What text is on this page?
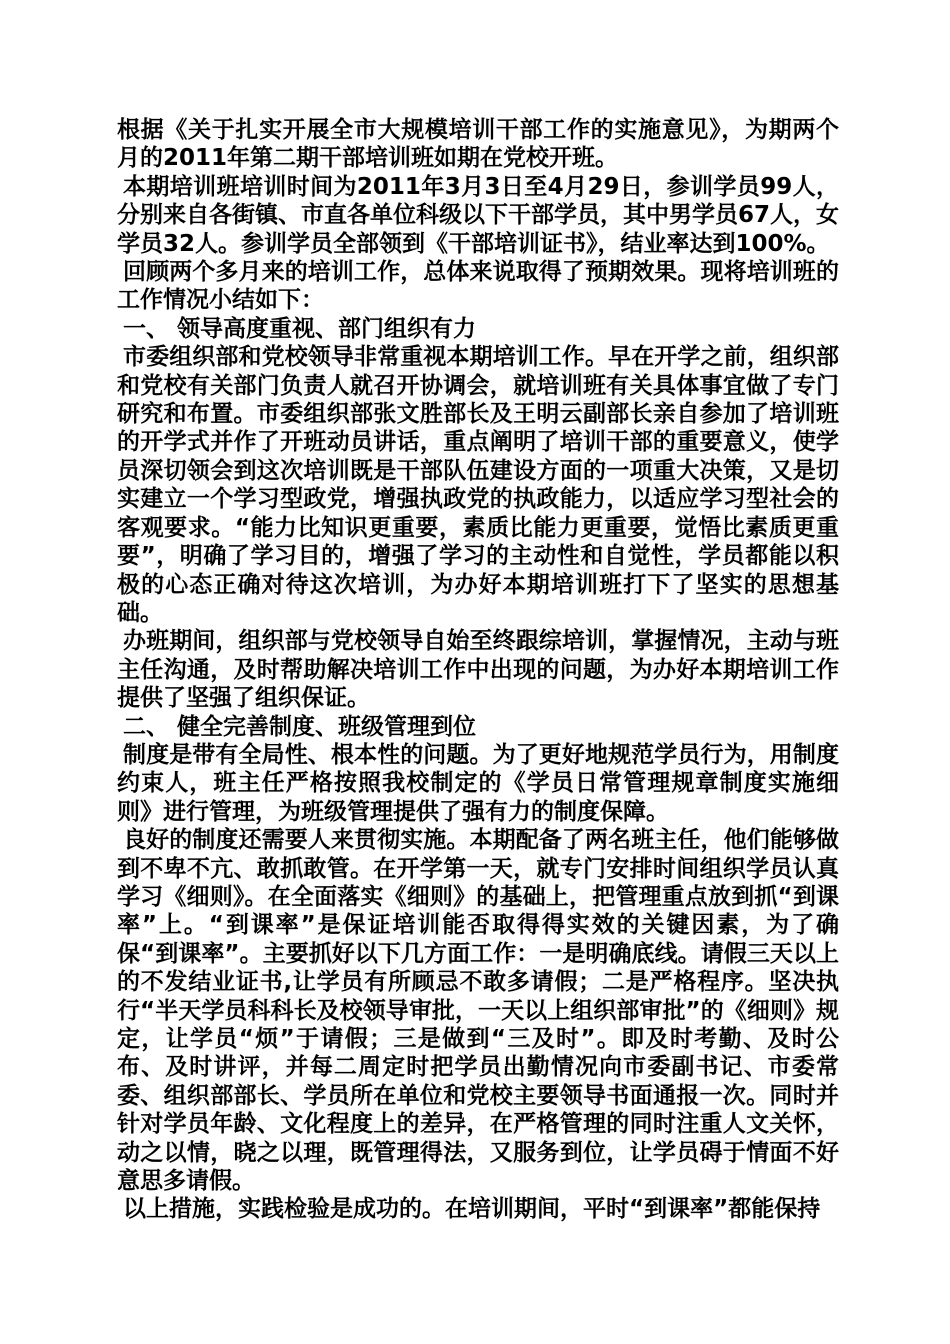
根据《关于扎实开展全市大规模培训干部工作的实施意见》，为期两个月的2011年第二期干部培训班如期在党校开班。

本期培训班培训时间为2011年3月3日至4月29日，参训学员99人，分别来自各街镇、市直各单位科级以下干部学员，其中男学员67人，女学员32人。参训学员全部领到《干部培训证书》，结业率达到100%。

回顾两个多月来的培训工作，总体来说取得了预期效果。现将培训班的工作情况小结如下：

一、 领导高度重视、部门组织有力

市委组织部和党校领导非常重视本期培训工作。早在开学之前，组织部和党校有关部门负责人就召开协调会，就培训班有关具体事宜做了专门研究和布置。市委组织部张文胜部长及王明云副部长亲自参加了培训班的开学式并作了开班动员讲话，重点阐明了培训干部的重要意义，使学员深切领会到这次培训既是干部队伍建设方面的一项重大决策，又是切实建立一个学习型政党，增强执政党的执政能力，以适应学习型社会的客观要求。“能力比知识更重要，素质比能力更重要，觉悟比素质更重要”，明确了学习目的，增强了学习的主动性和自觉性，学员都能以积极的心态正确对待这次培训，为办好本期培训班打下了坚实的思想基础。

办班期间，组织部与党校领导自始至终跟综培训，掌握情况，主动与班主任沟通，及时帮助解决培训工作中出现的问题，为办好本期培训工作提供了坚强了组织保证。

二、 健全完善制度、班级管理到位

制度是带有全局性、根本性的问题。为了更好地规范学员行为，用制度约束人，班主任严格按照我校制定的《学员日常管理规章制度实施细则》进行管理，为班级管理提供了强有力的制度保障。

良好的制度还需要人来贯彻实施。本期配备了两名班主任，他们能够做到不卑不亢、敢抓敢管。在开学第一天，就专门安排时间组织学员认真学习《细则》。在全面落实《细则》的基础上，把管理重点放到抓“到课率”上。“到课率”是保证培训能否取得得实效的关键因素，为了确保“到课率”。主要抓好以下几方面工作：一是明确底线。请假三天以上的不发结业证书,让学员有所顾忌不敢多请假；二是严格程序。坚决执行“半天学员科科长及校领导审批，一天以上组织部审批”的《细则》规定，让学员“烦”于请假；三是做到“三及时”。即及时考勤、及时公布、及时讲评，并每二周定时把学员出勤情况向市委副书记、市委常委、组织部部长、学员所在单位和党校主要领导书面通报一次。同时并针对学员年龄、文化程度上的差异，在严格管理的同时注重人文关怀，动之以情，晓之以理，既管理得法，又服务到位，让学员碍于情面不好意思多请假。

以上措施，实践检验是成功的。在培训期间，平时“到课率”都能保持
